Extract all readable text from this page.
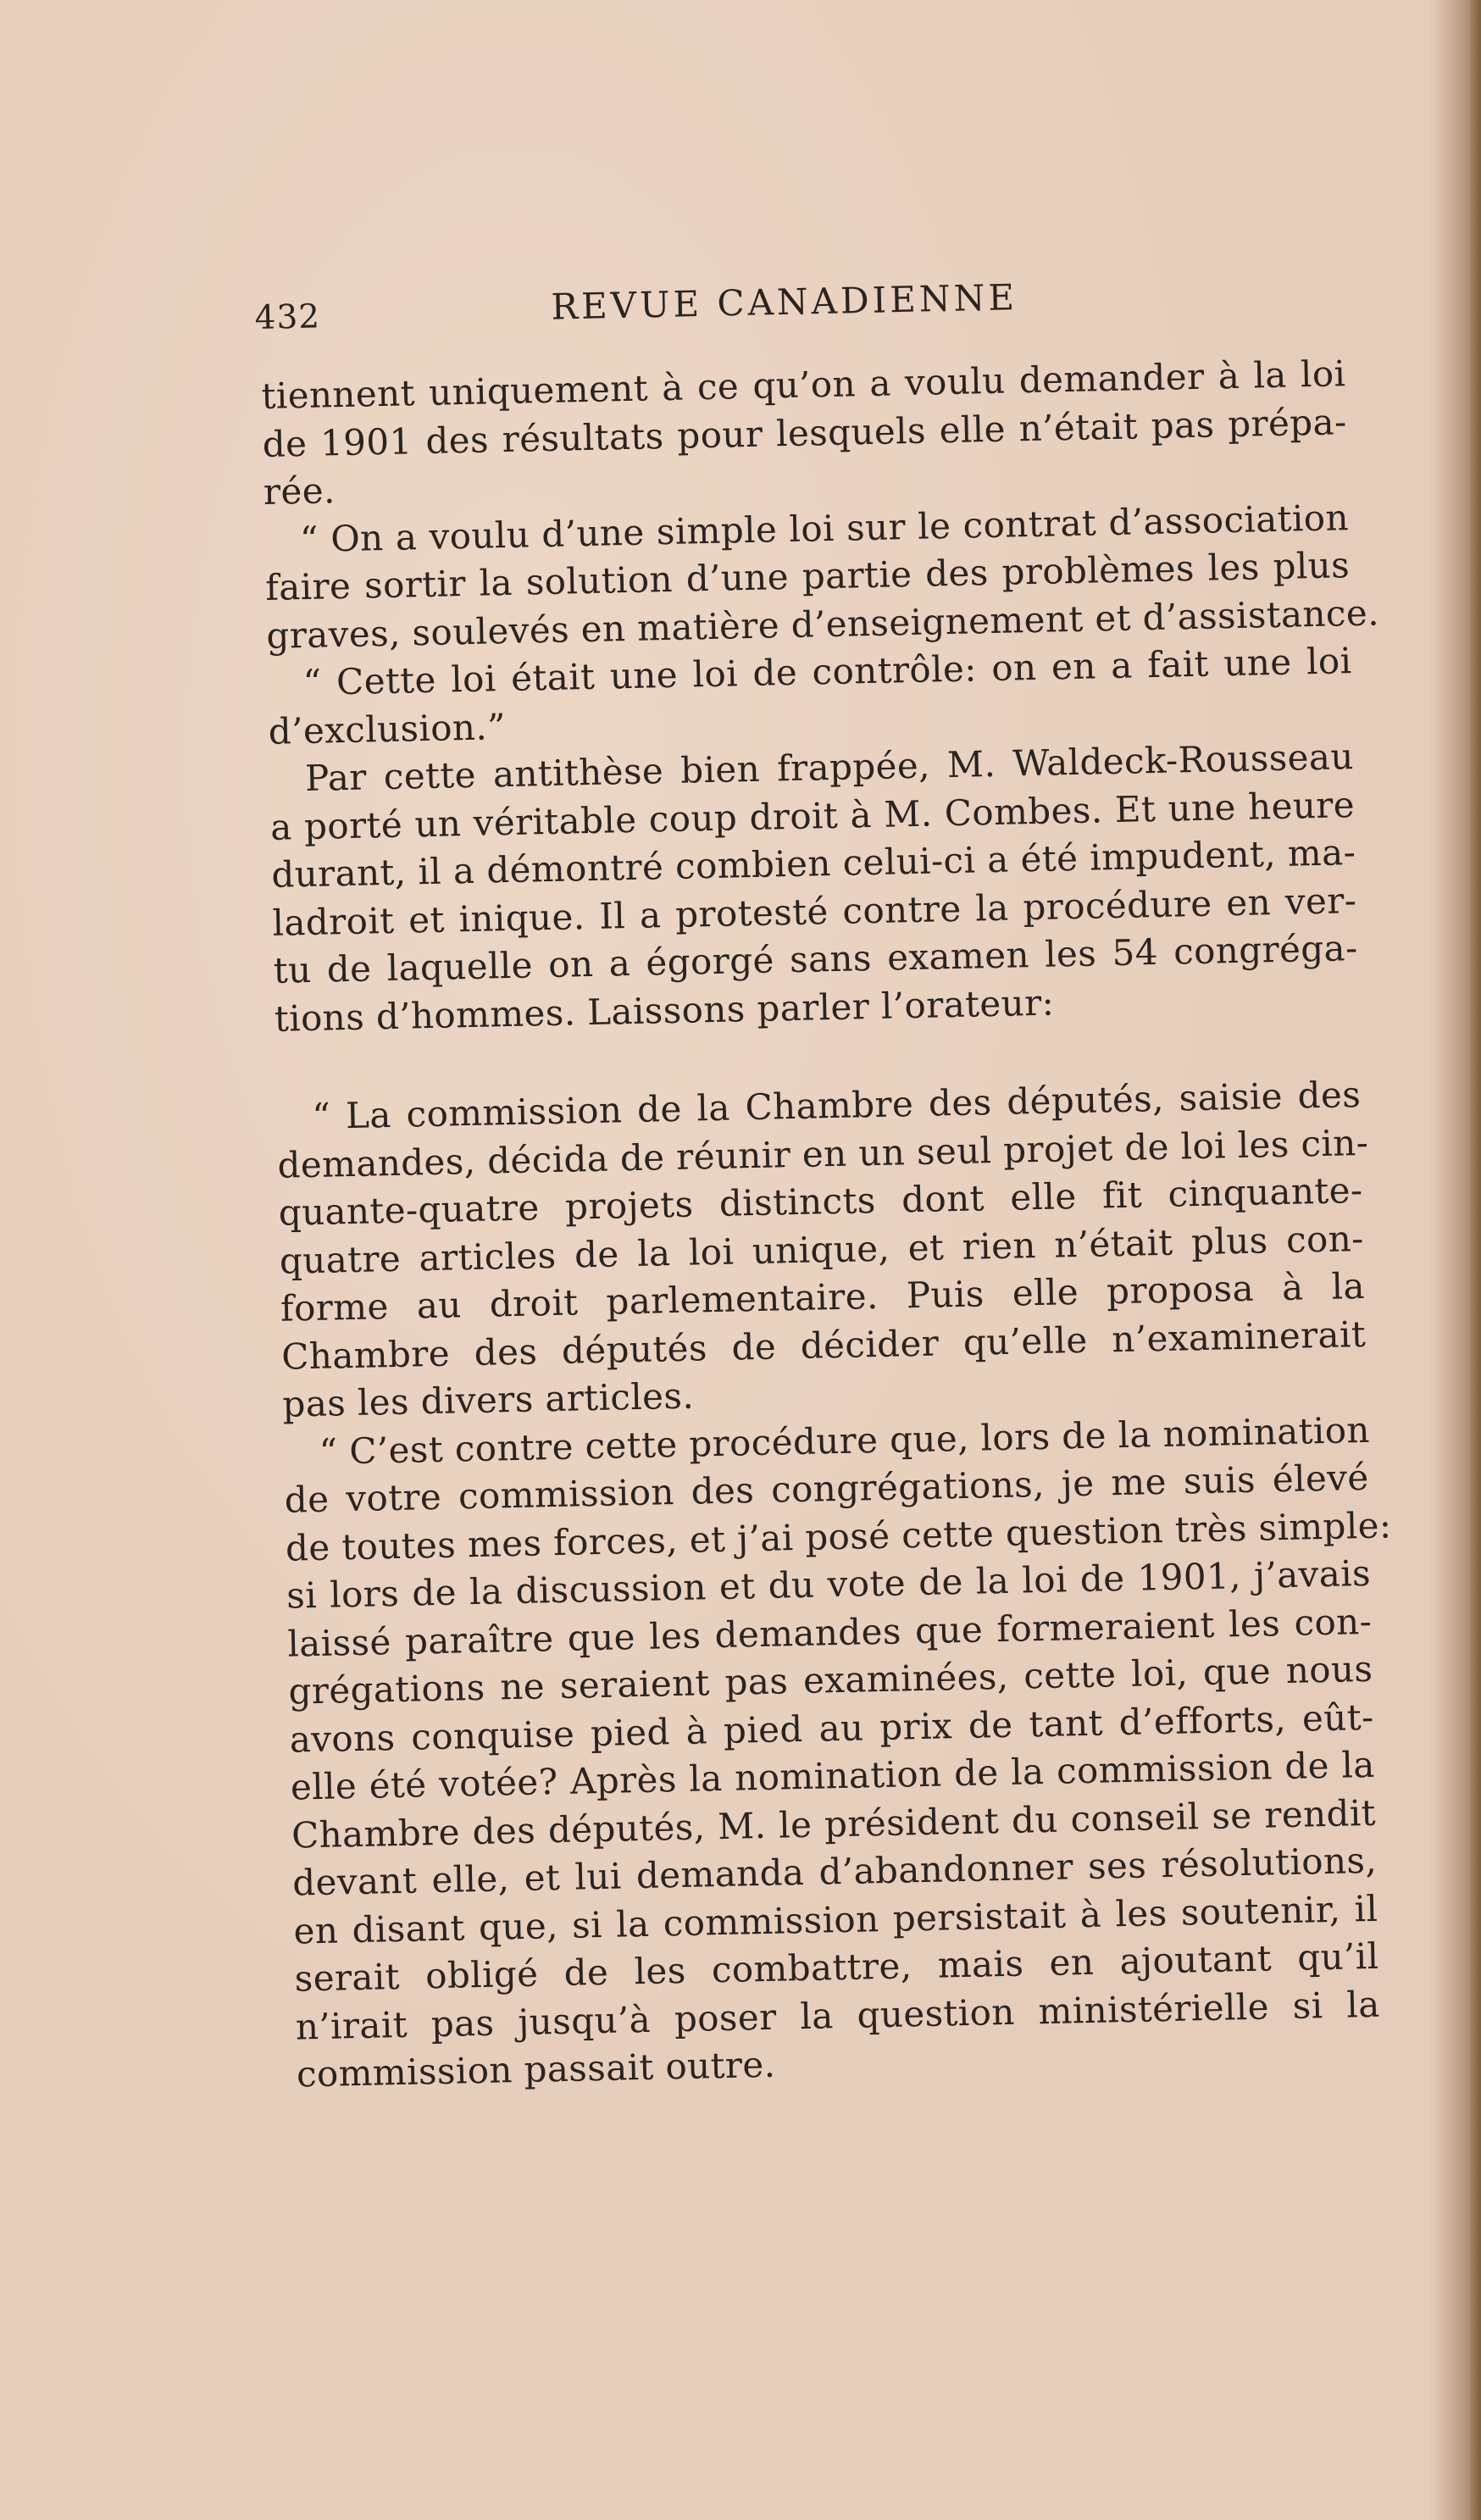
432	REVUE CANADIENNE
tiennent uniquement à ce qu’on a voulu demander à la loi
de 1901 des résultats pour lesquels elle n’était pas prépa-
rée.
“ On a voulu d’une simple loi sur le contrat d’association
faire sortir la solution d’une partie des problèmes les plus
graves, soulevés en matière d’enseignement et d’assistance.
“ Cette loi était une loi de contrôle: on en a fait une loi
d’exclusion.”
Par cette antithèse bien frappée, M. Waldeck-Rousseau
a porté un véritable coup droit à M. Combes. Et une heure
durant, il a démontré combien celui-ci a été impudent, ma-
ladroit et inique. Il a protesté contre la procédure en ver-
tu de laquelle on a égorgé sans examen les 54 congréga-
tions d’hommes. Laissons parler l’orateur:
“ La commission de la Chambre des députés, saisie des
demandes, décida de réunir en un seul projet de loi les cin-
quante-quatre projets distincts dont elle fit cinquante-
quatre articles de la loi unique, et rien n’était plus con-
forme au droit parlementaire. Puis elle proposa à la
Chambre des députés de décider qu’elle n’examinerait
pas les divers articles.
“ C’est contre cette procédure que, lors de la nomination
de votre commission des congrégations, je me suis élevé
de toutes mes forces, et j’ai posé cette question très simple:
si lors de la discussion et du vote de la loi de 1901, j’avais
laissé paraître que les demandes que formeraient les con-
grégations ne seraient pas examinées, cette loi, que nous
avons conquise pied à pied au prix de tant d’efforts, eût-
elle été votée? Après la nomination de la commission de la
Chambre des députés, M. le président du conseil se rendit
devant elle, et lui demanda d’abandonner ses résolutions,
en disant que, si la commission persistait à les soutenir, il
serait obligé de les combattre, mais en ajoutant qu’il
n’irait pas jusqu’à poser la question ministérielle si la
commission passait outre.
